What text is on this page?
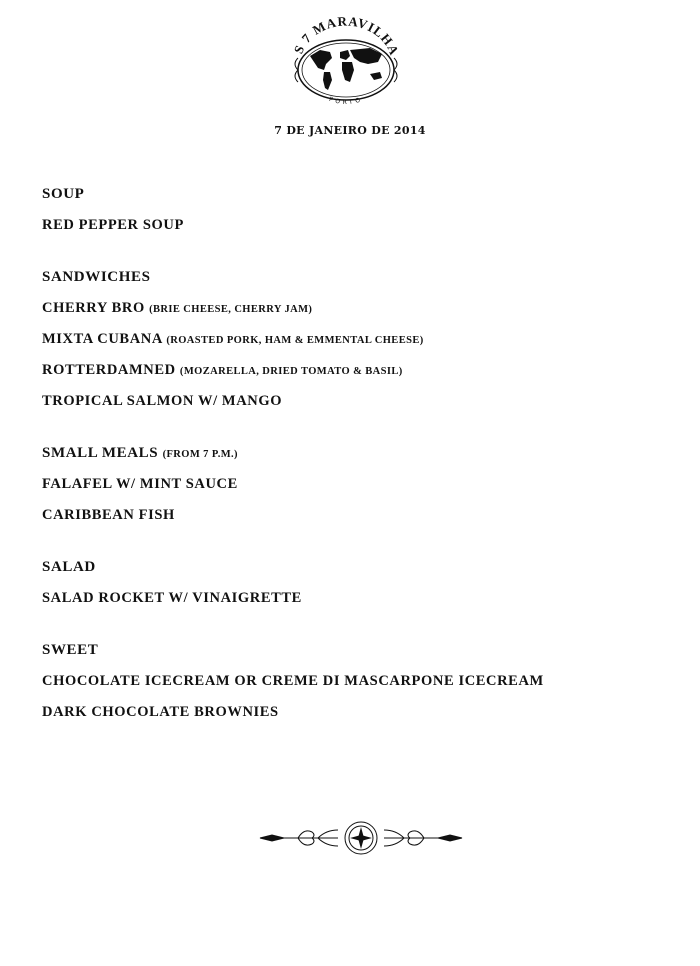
S 7 MARAVILHA
PORTO
7 DE JANEIRO DE 2014
SOUP
RED PEPPER SOUP
SANDWICHES
CHERRY BRO (BRIE CHEESE, CHERRY JAM)
MIXTA CUBANA (ROASTED PORK, HAM & EMMENTAL CHEESE)
ROTTERDAMNED (MOZARELLA, DRIED TOMATO & BASIL)
TROPICAL SALMON W/ MANGO
SMALL MEALS (FROM 7 P.M.)
FALAFEL W/ MINT SAUCE
CARIBBEAN FISH
SALAD
SALAD ROCKET W/ VINAIGRETTE
SWEET
CHOCOLATE ICECREAM OR CREME DI MASCARPONE ICECREAM
DARK CHOCOLATE BROWNIES
